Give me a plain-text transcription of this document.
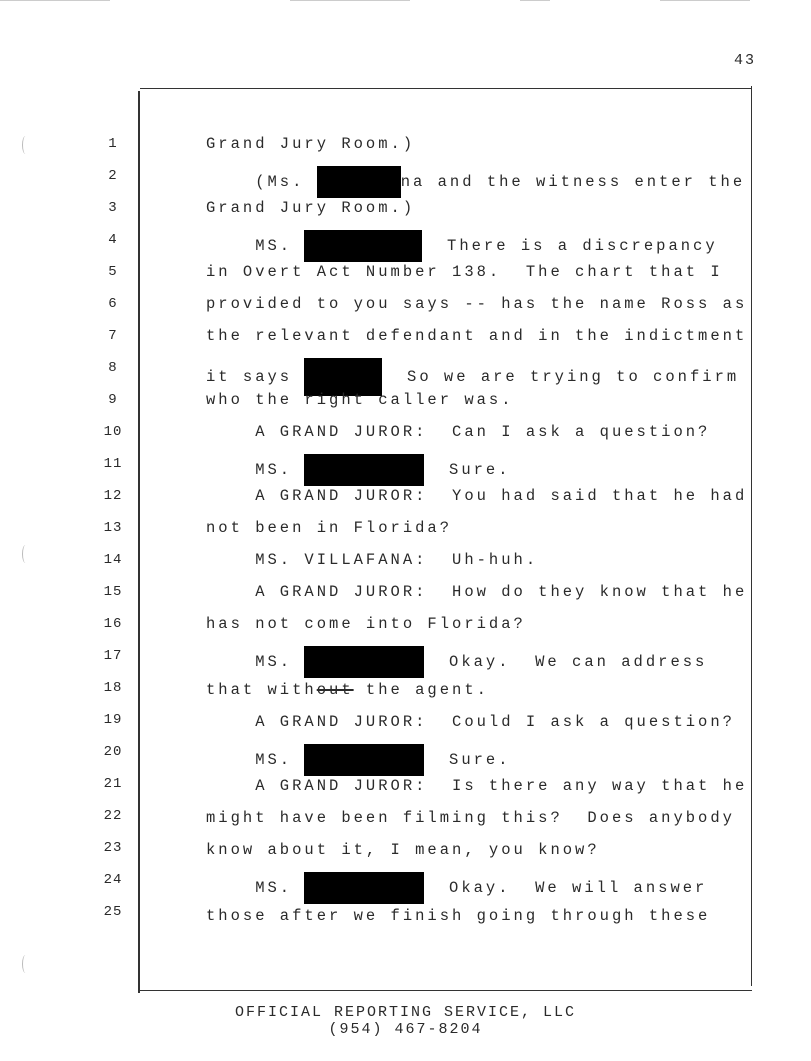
43
1
2
3
4
5
6
7
8
9
10
11
12
13
14
15
16
17
18
19
20
21
22
23
24
25
Grand Jury Room.)
(Ms.	na and the witness enter the
Grand Jury Room.)
MS.	There is a discrepancy
in Overt Act Number 138.  The chart that I
provided to you says -- has the name Ross as
the relevant defendant and in the indictment
it says	So we are trying to confirm
who the right caller was.
A GRAND JUROR:  Can I ask a question?
MS.	Sure.
A GRAND JUROR:  You had said that he had
not been in Florida?
MS. VILLAFANA:  Uh-huh.
A GRAND JUROR:  How do they know that he
has not come into Florida?
MS.	Okay.  We can address
that without the agent.
A GRAND JUROR:  Could I ask a question?
MS.	Sure.
A GRAND JUROR:  Is there any way that he
might have been filming this?  Does anybody
know about it, I mean, you know?
MS.	Okay.  We will answer
those after we finish going through these
OFFICIAL REPORTING SERVICE, LLC
(954) 467-8204
